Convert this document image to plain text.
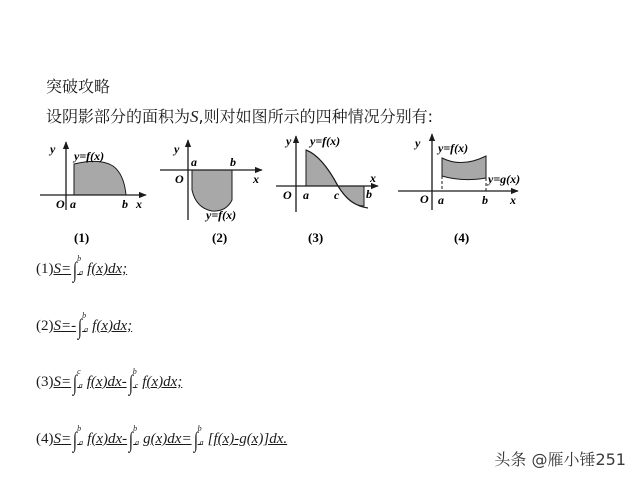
突破攻略
设阴影部分的面积为S,则对如图所示的四种情况分别有:
y y=f(x)
O a	b x
(1)
y
a	b
O	x
y=f(x)
(2)
y y=f(x)
O a c b
x
(3)
y y=f(x)
y=g(x)
O a	b x
(4)
(1)S=∫$^b$a f(x)dx;
(2)S=-∫$^b$a f(x)dx;
(3)S=∫$^c$a f(x)dx-∫$^b$c f(x)dx;
(4)S=∫$^b$a f(x)dx-∫$^b$a g(x)dx=∫$^b$a [f(x)-g(x)]dx.
头条 @雁小锤251
